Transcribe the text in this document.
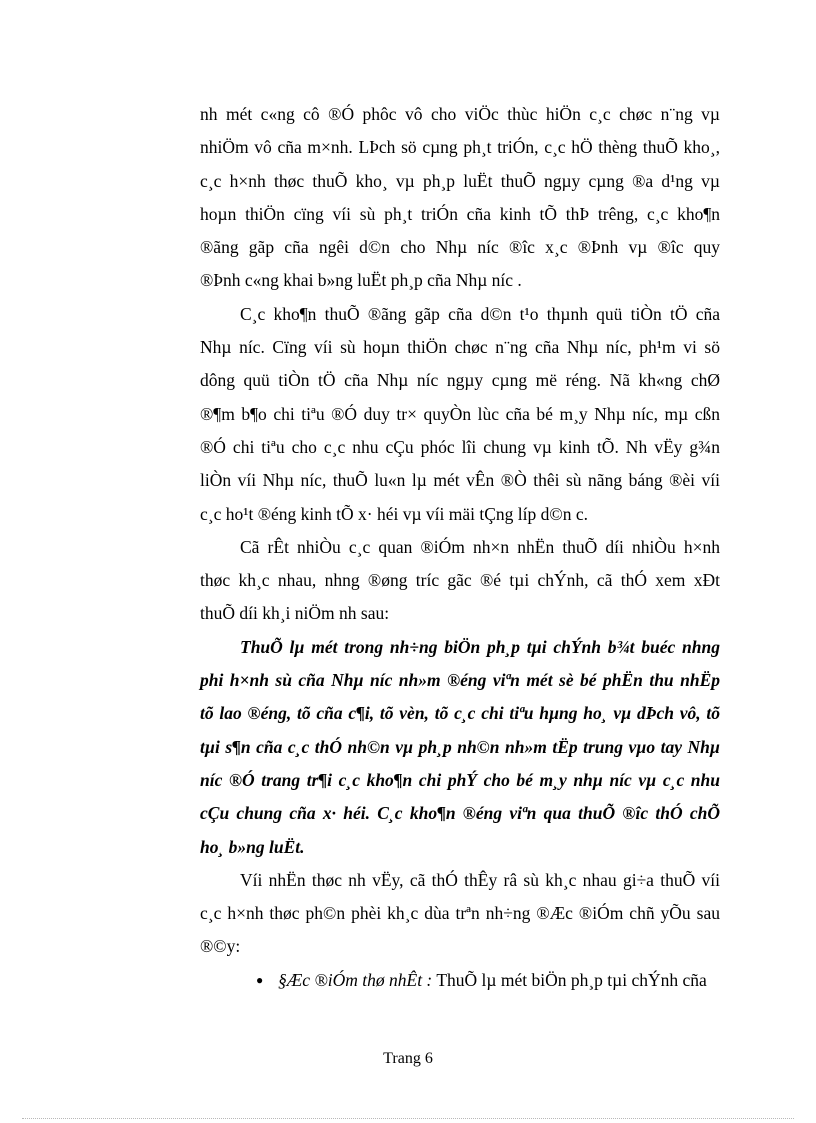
nh mét c«ng cô ®Ó phôc vô cho viÖc thùc hiÖn c¸c chøc n¨ng vµ
nhiÖm vô cña m×nh. LÞch sö cµng ph¸t triÓn, c¸c hÖ thèng thuÕ kho¸,
c¸c h×nh thøc thuÕ kho¸ vµ ph¸p luËt thuÕ ngµy cµng ®a d¹ng vµ
hoµn thiÖn cïng víi sù ph¸t triÓn cña kinh tÕ thÞ trêng, c¸c kho¶n
®ãng gãp cña ngêi d©n cho Nhµ níc ®îc x¸c ®Þnh vµ ®îc quy
®Þnh c«ng khai b»ng luËt ph¸p cña Nhµ níc .
C¸c kho¶n thuÕ ®ãng gãp cña d©n t¹o thµnh quü tiÒn tÖ cña
Nhµ níc. Cïng víi sù hoµn thiÖn chøc n¨ng cña Nhµ níc, ph¹m vi sö
dông quü tiÒn tÖ cña Nhµ níc ngµy cµng më réng. Nã kh«ng chØ
®¶m b¶o chi tiªu ®Ó duy tr× quyÒn lùc cña bé m¸y Nhµ níc, mµ cßn
®Ó chi tiªu cho c¸c nhu cÇu phóc lîi chung vµ kinh tÕ. Nh vËy g¾n
liÒn víi Nhµ níc, thuÕ lu«n lµ mét vÊn ®Ò thêi sù nãng báng ®èi víi
c¸c ho¹t ®éng kinh tÕ x· héi vµ víi mäi tÇng líp d©n c.
Cã rÊt nhiÒu c¸c quan ®iÓm nh×n nhËn thuÕ díi nhiÒu h×nh
thøc kh¸c nhau, nhng ®øng tríc gãc ®é tµi chÝnh, cã thÓ xem xÐt
thuÕ díi kh¸i niÖm nh sau:
ThuÕ lµ mét trong nh÷ng biÖn ph¸p tµi chÝnh b¾t buéc nhng
phi h×nh sù cña Nhµ níc nh»m ®éng viªn mét sè bé phËn thu nhËp
tõ lao ®éng, tõ cña c¶i, tõ vèn, tõ c¸c chi tiªu hµng ho¸ vµ dÞch vô, tõ
tµi s¶n cña c¸c thÓ nh©n vµ ph¸p nh©n nh»m tËp trung vµo tay Nhµ
níc ®Ó trang tr¶i c¸c kho¶n chi phÝ cho bé m¸y nhµ níc vµ c¸c nhu
cÇu chung cña x· héi. C¸c kho¶n ®éng viªn qua thuÕ ®îc thÓ chÕ
ho¸ b»ng luËt.
Víi nhËn thøc nh vËy, cã thÓ thÊy râ sù kh¸c nhau gi÷a thuÕ víi
c¸c h×nh thøc ph©n phèi kh¸c dùa trªn nh÷ng ®Æc ®iÓm chñ yÕu sau
®©y:
● §Æc ®iÓm thø nhÊt : ThuÕ lµ mét biÖn ph¸p tµi chÝnh cña
Trang 6
